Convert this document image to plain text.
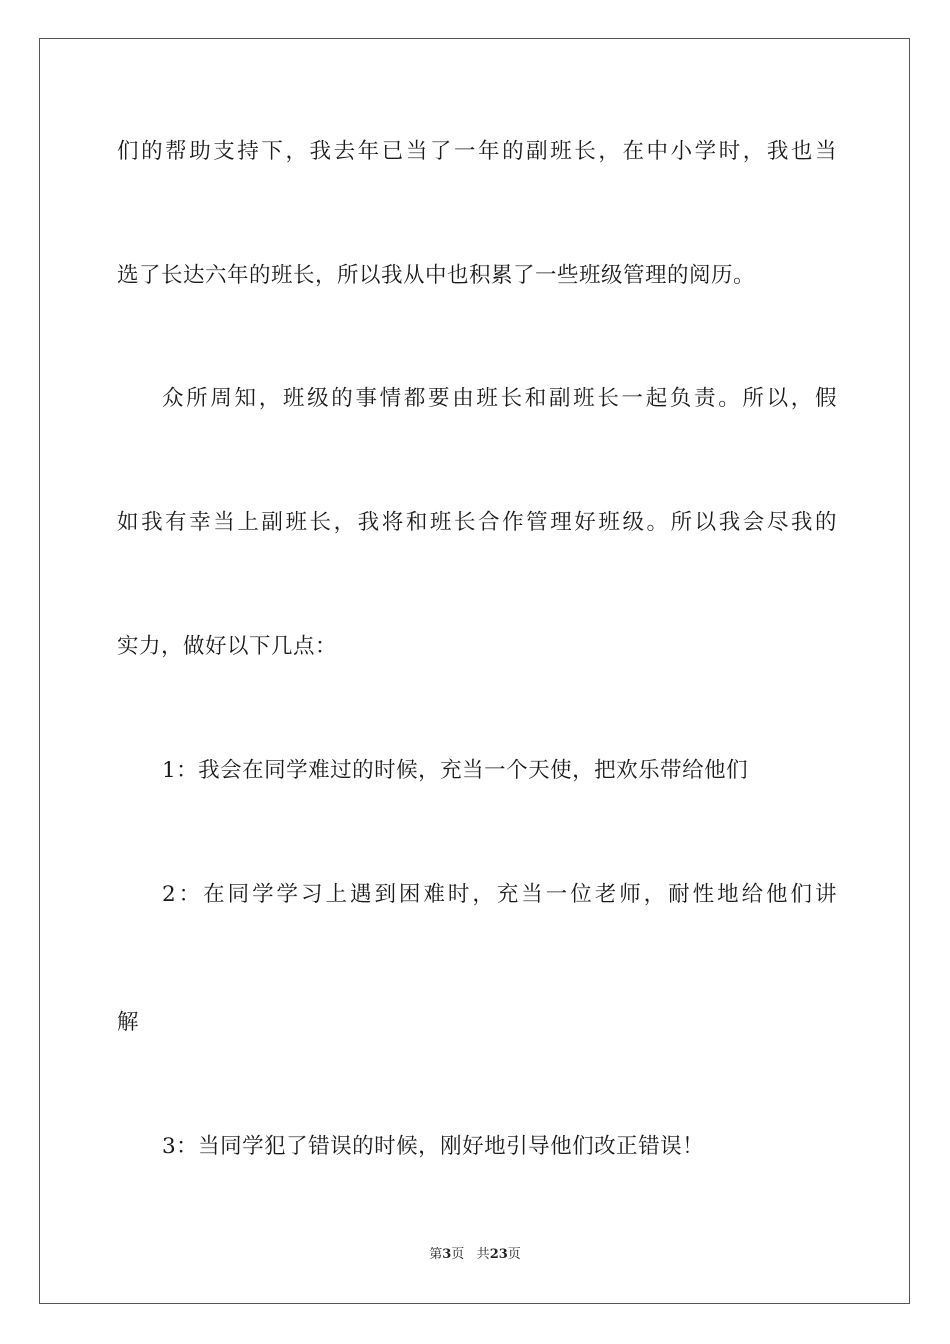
们的帮助支持下，我去年已当了一年的副班长，在中小学时，我也当
选了长达六年的班长，所以我从中也积累了一些班级管理的阅历。
众所周知，班级的事情都要由班长和副班长一起负责。所以，假
如我有幸当上副班长，我将和班长合作管理好班级。所以我会尽我的
实力，做好以下几点：
1：我会在同学难过的时候，充当一个天使，把欢乐带给他们
2：在同学学习上遇到困难时，充当一位老师，耐性地给他们讲
解
3：当同学犯了错误的时候，刚好地引导他们改正错误！
第3页 共23页
